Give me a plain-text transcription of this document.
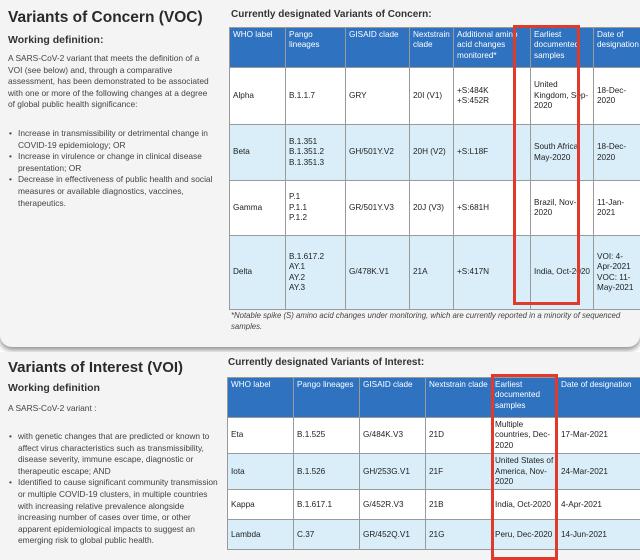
Variants of Concern (VOC)
Working definition:

A SARS-CoV-2 variant that meets the definition of a VOI (see below) and, through a comparative assessment, has been demonstrated to be associated with one or more of the following changes at a degree of global public health significance:

• Increase in transmissibility or detrimental change in COVID-19 epidemiology; OR
• Increase in virulence or change in clinical disease presentation; OR
• Decrease in effectiveness of public health and social measures or available diagnostics, vaccines, therapeutics.
Currently designated Variants of Concern:
WHO label	Pango lineages	GISAID clade	Nextstrain clade	Additional amino acid changes monitored*	Earliest documented samples	Date of designation
Alpha	B.1.1.7	GRY	20I (V1)	+S:484K
+S:452R	United Kingdom, Sep-2020	18-Dec-2020
Beta	B.1.351
B.1.351.2
B.1.351.3	GH/501Y.V2	20H (V2)	+S:L18F	South Africa, May-2020	18-Dec-2020
Gamma	P.1
P.1.1
P.1.2	GR/501Y.V3	20J (V3)	+S:681H	Brazil, Nov-2020	11-Jan-2021
Delta	B.1.617.2
AY.1
AY.2
AY.3	G/478K.V1	21A	+S:417N	India, Oct-2020	VOI: 4-Apr-2021
VOC: 11-May-2021

*Notable spike (S) amino acid changes under monitoring, which are currently reported in a minority of sequenced samples.

Variants of Interest (VOI)
Working definition

A SARS-CoV-2 variant :

• with genetic changes that are predicted or known to affect virus characteristics such as transmissibility, disease severity, immune escape, diagnostic or therapeutic escape; AND
• Identified to cause significant community transmission or multiple COVID-19 clusters, in multiple countries with increasing relative prevalence alongside increasing number of cases over time, or other apparent epidemiological impacts to suggest an emerging risk to global public health.
Currently designated Variants of Interest:
WHO label	Pango lineages	GISAID clade	Nextstrain clade	Earliest documented samples	Date of designation
Eta	B.1.525	G/484K.V3	21D	Multiple countries, Dec-2020	17-Mar-2021
Iota	B.1.526	GH/253G.V1	21F	United States of America, Nov-2020	24-Mar-2021
Kappa	B.1.617.1	G/452R.V3	21B	India, Oct-2020	4-Apr-2021
Lambda	C.37	GR/452Q.V1	21G	Peru, Dec-2020	14-Jun-2021
